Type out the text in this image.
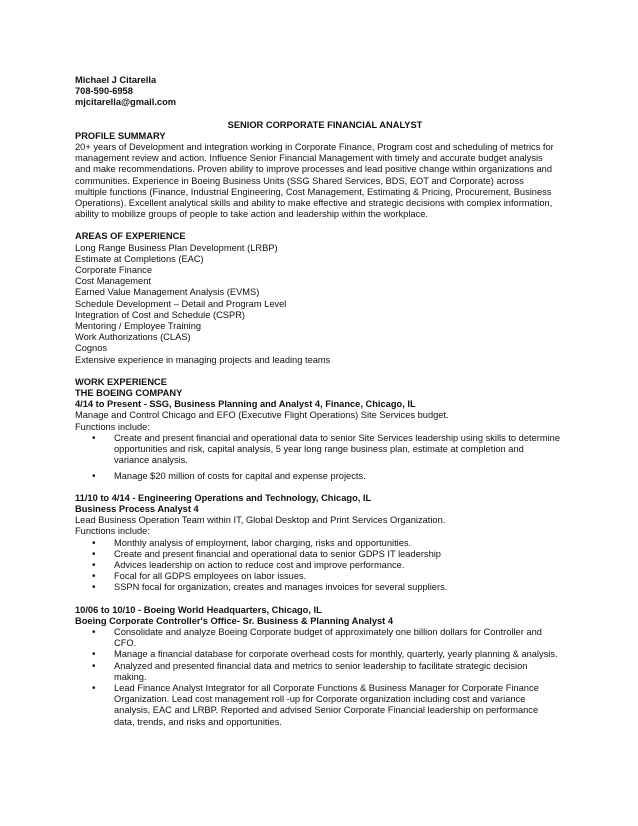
Michael J Citarella
708-590-6958
mjcitarella@gmail.com
SENIOR CORPORATE FINANCIAL ANALYST
PROFILE SUMMARY
20+ years of Development and integration working in Corporate Finance, Program cost and scheduling of metrics for
management review and action. Influence Senior Financial Management with timely and accurate budget analysis
and make recommendations. Proven ability to improve processes and lead positive change within organizations and
communities. Experience in Boeing Business Units (SSG Shared Services, BDS, EOT and Corporate) across
multiple functions (Finance, Industrial Engineering, Cost Management, Estimating & Pricing, Procurement, Business
Operations). Excellent analytical skills and ability to make effective and strategic decisions with complex information,
ability to mobilize groups of people to take action and leadership within the workplace.
AREAS OF EXPERIENCE
Long Range Business Plan Development (LRBP)
Estimate at Completions (EAC)
Corporate Finance
Cost Management
Earned Value Management Analysis (EVMS)
Schedule Development – Detail and Program Level
Integration of Cost and Schedule (CSPR)
Mentoring / Employee Training
Work Authorizations (CLAS)
Cognos
Extensive experience in managing projects and leading teams
WORK EXPERIENCE
THE BOEING COMPANY
4/14 to Present - SSG, Business Planning and Analyst 4, Finance, Chicago, IL
Manage and Control Chicago and EFO (Executive Flight Operations) Site Services budget.
Functions include:
• Create and present financial and operational data to senior Site Services leadership using skills to determine
opportunities and risk, capital analysis, 5 year long range business plan, estimate at completion and
variance analysis.
• Manage $20 million of costs for capital and expense projects.
11/10 to 4/14 - Engineering Operations and Technology, Chicago, IL
Business Process Analyst 4
Lead Business Operation Team within IT, Global Desktop and Print Services Organization.
Functions include:
• Monthly analysis of employment, labor charging, risks and opportunities.
• Create and present financial and operational data to senior GDPS IT leadership
• Advices leadership on action to reduce cost and improve performance.
• Focal for all GDPS employees on labor issues.
• SSPN focal for organization, creates and manages invoices for several suppliers.
10/06 to 10/10 - Boeing World Headquarters, Chicago, IL
Boeing Corporate Controller's Office- Sr. Business & Planning Analyst 4
• Consolidate and analyze Boeing Corporate budget of approximately one billion dollars for Controller and
CFO.
• Manage a financial database for corporate overhead costs for monthly, quarterly, yearly planning & analysis.
• Analyzed and presented financial data and metrics to senior leadership to facilitate strategic decision
making.
• Lead Finance Analyst Integrator for all Corporate Functions & Business Manager for Corporate Finance
Organization. Lead cost management roll -up for Corporate organization including cost and variance
analysis, EAC and LRBP. Reported and advised Senior Corporate Financial leadership on performance
data, trends, and risks and opportunities.
